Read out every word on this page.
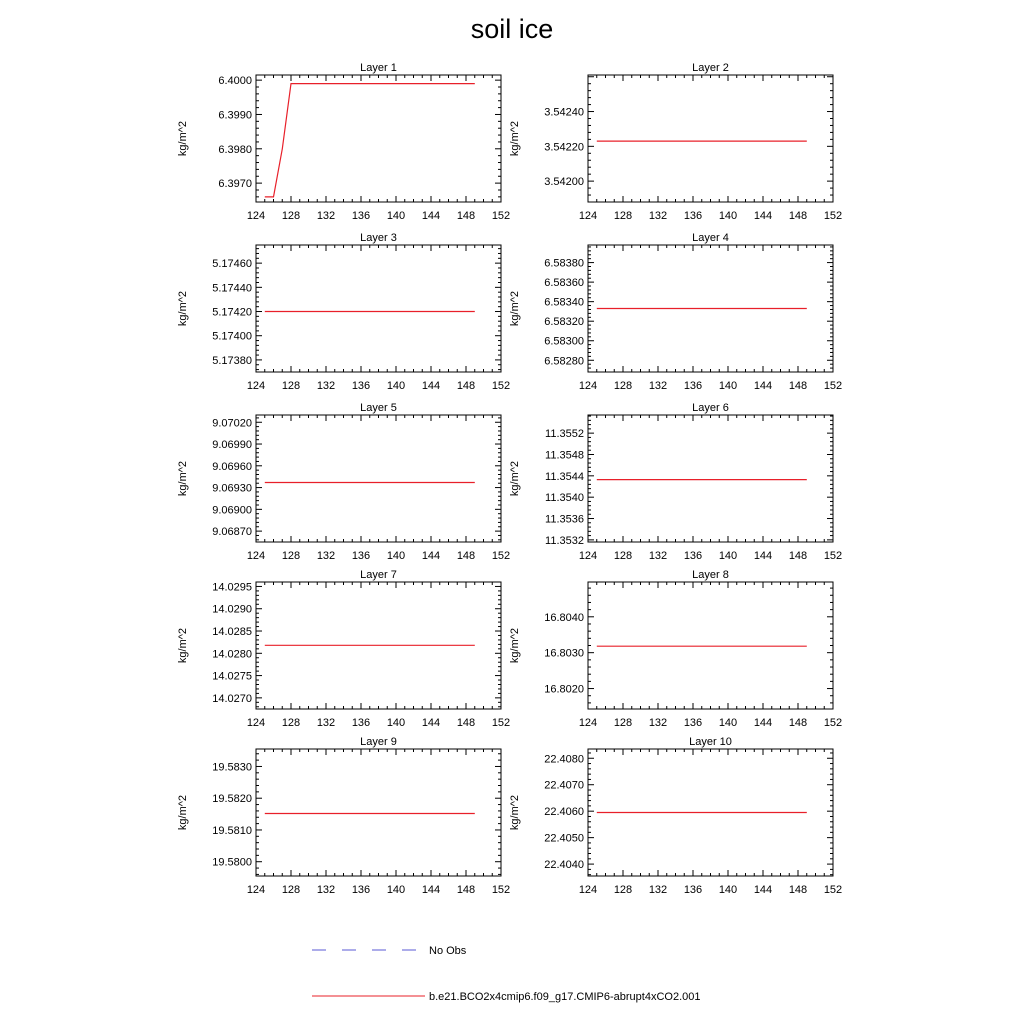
soil ice
Layer 1
kg/m^2
124 128 132 136 140 144 148 152
6.3970
6.3980
6.3990
6.4000
Layer 2
kg/m^2
124 128 132 136 140 144 148 152
3.54200
3.54220
3.54240
Layer 3
kg/m^2
124 128 132 136 140 144 148 152
5.17380
5.17400
5.17420
5.17440
5.17460
Layer 4
kg/m^2
124 128 132 136 140 144 148 152
6.58280
6.58300
6.58320
6.58340
6.58360
6.58380
Layer 5
kg/m^2
124 128 132 136 140 144 148 152
9.06870
9.06900
9.06930
9.06960
9.06990
9.07020
Layer 6
kg/m^2
124 128 132 136 140 144 148 152
11.3532
11.3536
11.3540
11.3544
11.3548
11.3552
Layer 7
kg/m^2
124 128 132 136 140 144 148 152
14.0270
14.0275
14.0280
14.0285
14.0290
14.0295
Layer 8
kg/m^2
124 128 132 136 140 144 148 152
16.8020
16.8030
16.8040
Layer 9
kg/m^2
124 128 132 136 140 144 148 152
19.5800
19.5810
19.5820
19.5830
Layer 10
kg/m^2
124 128 132 136 140 144 148 152
22.4040
22.4050
22.4060
22.4070
22.4080
No Obs
b.e21.BCO2x4cmip6.f09_g17.CMIP6-abrupt4xCO2.001
